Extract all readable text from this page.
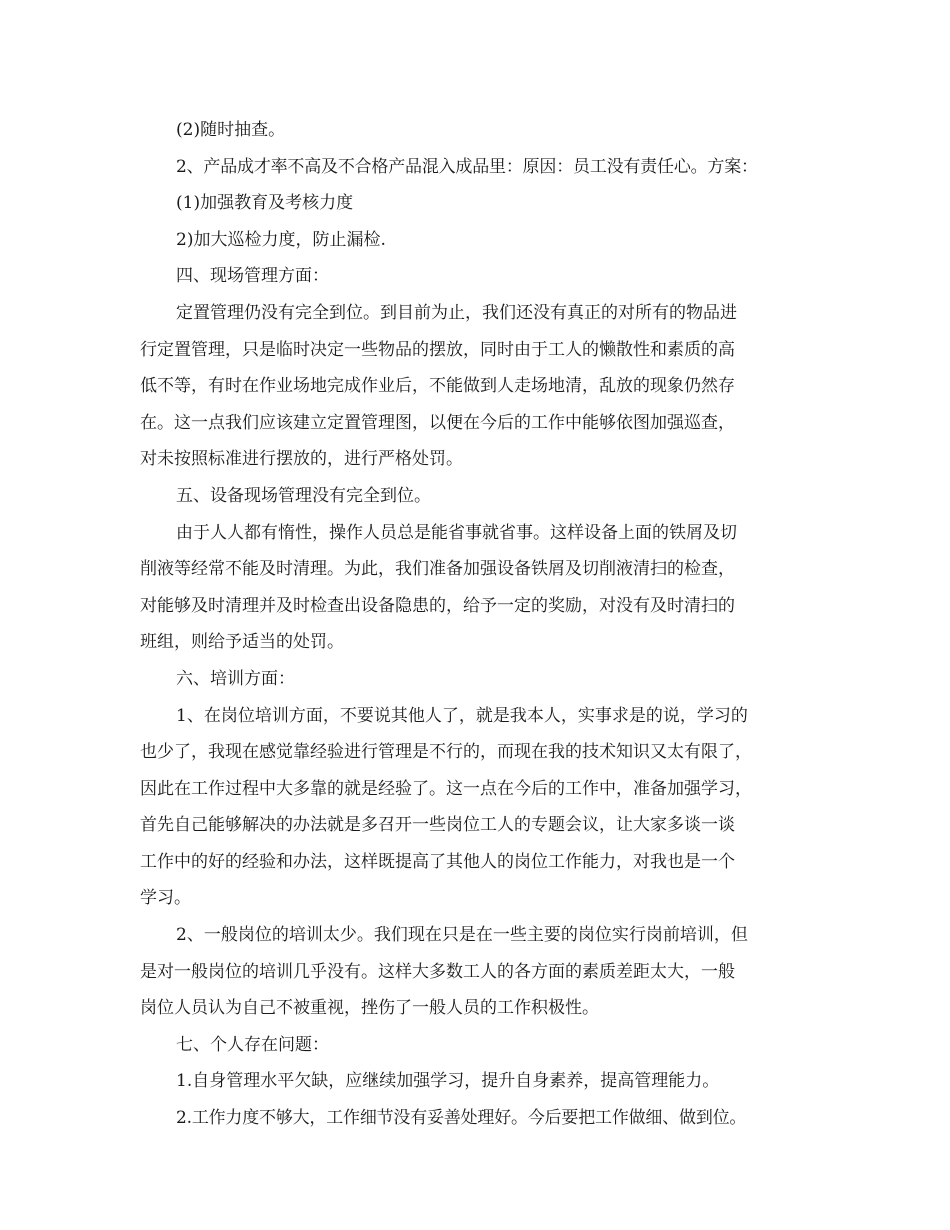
(2)随时抽查。
2、产品成才率不高及不合格产品混入成品里：原因：员工没有责任心。方案：
(1)加强教育及考核力度
2)加大巡检力度，防止漏检.
四、现场管理方面：
定置管理仍没有完全到位。到目前为止，我们还没有真正的对所有的物品进
行定置管理，只是临时决定一些物品的摆放，同时由于工人的懒散性和素质的高
低不等，有时在作业场地完成作业后，不能做到人走场地清，乱放的现象仍然存
在。这一点我们应该建立定置管理图，以便在今后的工作中能够依图加强巡查，
对未按照标准进行摆放的，进行严格处罚。
五、设备现场管理没有完全到位。
由于人人都有惰性，操作人员总是能省事就省事。这样设备上面的铁屑及切
削液等经常不能及时清理。为此，我们准备加强设备铁屑及切削液清扫的检查，
对能够及时清理并及时检查出设备隐患的，给予一定的奖励，对没有及时清扫的
班组，则给予适当的处罚。
六、培训方面：
1、在岗位培训方面，不要说其他人了，就是我本人，实事求是的说，学习的
也少了，我现在感觉靠经验进行管理是不行的，而现在我的技术知识又太有限了，
因此在工作过程中大多靠的就是经验了。这一点在今后的工作中，准备加强学习，
首先自己能够解决的办法就是多召开一些岗位工人的专题会议，让大家多谈一谈
工作中的好的经验和办法，这样既提高了其他人的岗位工作能力，对我也是一个
学习。
2、一般岗位的培训太少。我们现在只是在一些主要的岗位实行岗前培训，但
是对一般岗位的培训几乎没有。这样大多数工人的各方面的素质差距太大，一般
岗位人员认为自己不被重视，挫伤了一般人员的工作积极性。
七、个人存在问题：
1.自身管理水平欠缺，应继续加强学习，提升自身素养，提高管理能力。
2.工作力度不够大，工作细节没有妥善处理好。今后要把工作做细、做到位。
